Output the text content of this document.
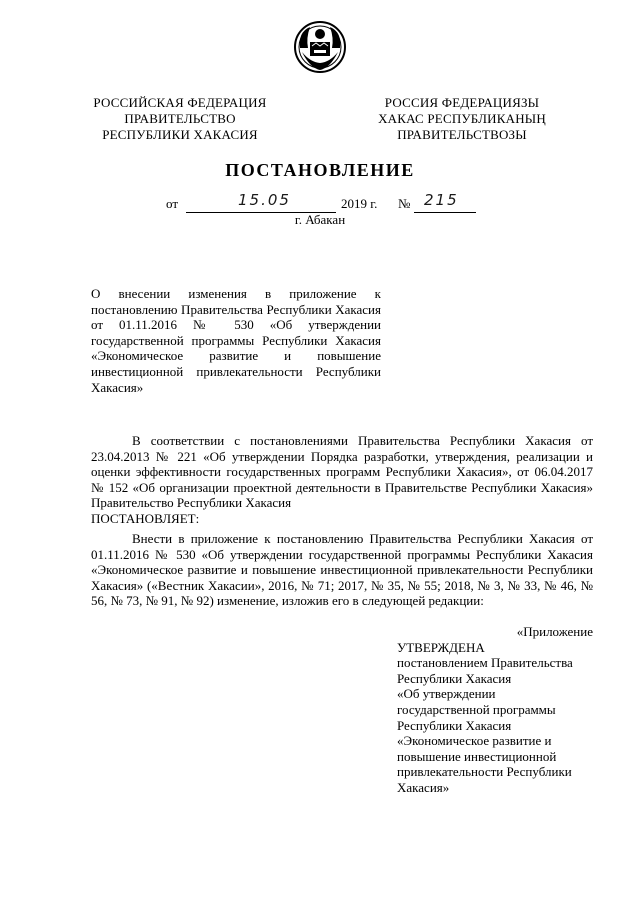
РОССИЙСКАЯ ФЕДЕРАЦИЯ
ПРАВИТЕЛЬСТВО
РЕСПУБЛИКИ ХАКАСИЯ
РОССИЯ ФЕДЕРАЦИЯЗЫ
ХАКАС РЕСПУБЛИКАНЫҢ
ПРАВИТЕЛЬСТВОЗЫ
ПОСТАНОВЛЕНИЕ
от	15.05	2019 г. № 215
г. Абакан
О внесении изменения в приложение к постановлению Правительства Республики Хакасия от 01.11.2016 № 530 «Об утверждении государственной программы Республики Хакасия «Экономическое развитие и повышение инвестиционной привлекательности Республики Хакасия»
В соответствии с постановлениями Правительства Республики Хакасия от 23.04.2013 № 221 «Об утверждении Порядка разработки, утверждения, реализации и оценки эффективности государственных программ Республики Хакасия», от 06.04.2017 № 152 «Об организации проектной деятельности в Правительстве Республики Хакасия» Правительство Республики Хакасия
ПОСТАНОВЛЯЕТ:
Внести в приложение к постановлению Правительства Республики Хакасия от 01.11.2016 № 530 «Об утверждении государственной программы Республики Хакасия «Экономическое развитие и повышение инвестиционной привлекательности Республики Хакасия» («Вестник Хакасии», 2016, № 71; 2017, № 35, № 55; 2018, № 3, № 33, № 46, № 56, № 73, № 91, № 92) изменение, изложив его в следующей редакции:
«Приложение
УТВЕРЖДЕНА
постановлением Правительства
Республики Хакасия
«Об утверждении
государственной программы
Республики Хакасия
«Экономическое развитие и
повышение инвестиционной
привлекательности Республики
Хакасия»
